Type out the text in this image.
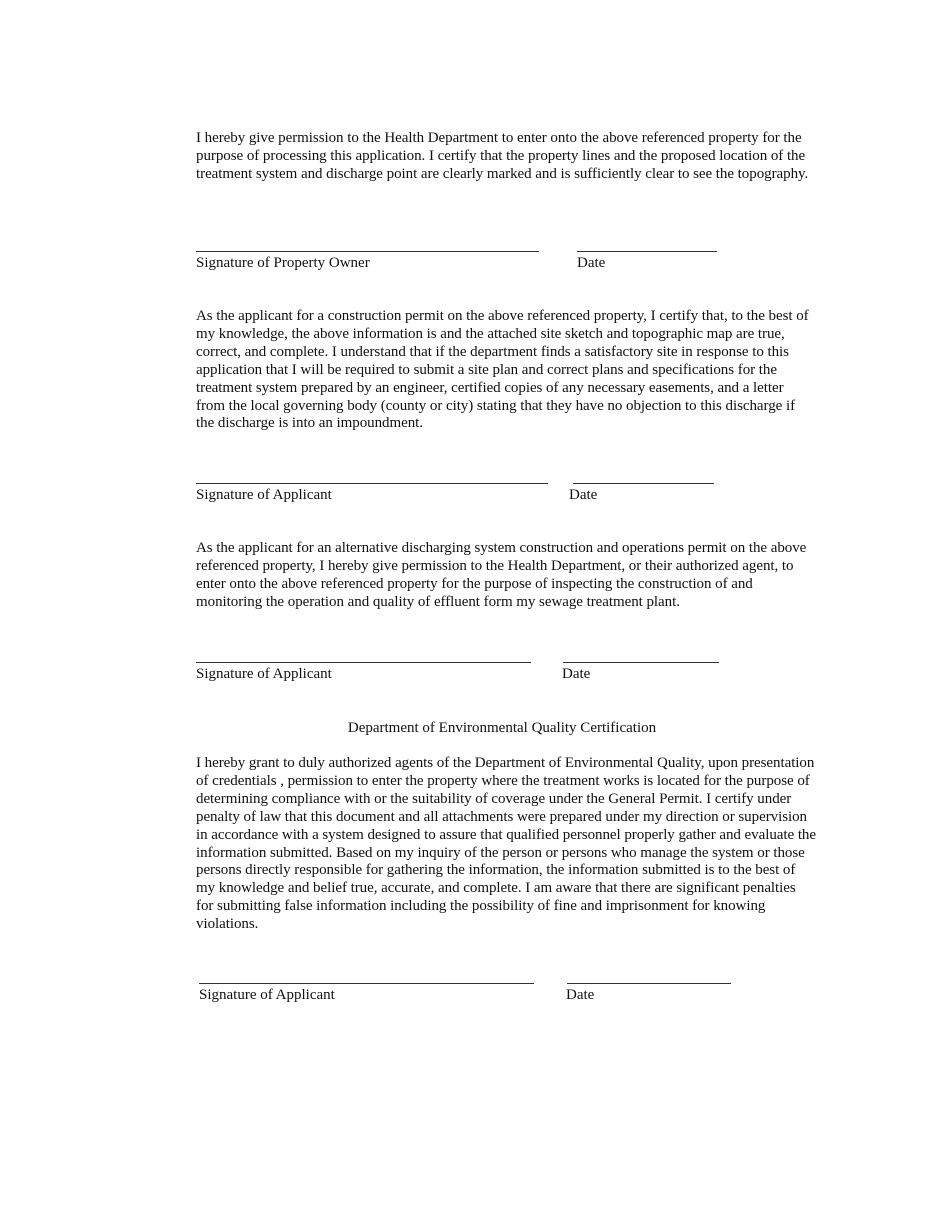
I hereby give permission to the Health Department to enter onto the above referenced property for the purpose of processing this application. I certify that the property lines and the proposed location of the treatment system and discharge point are clearly marked and is sufficiently clear to see the topography.

Signature of Property Owner	Date

As the applicant for a construction permit on the above referenced property, I certify that, to the best of my knowledge, the above information is and the attached site sketch and topographic map are true, correct, and complete. I understand that if the department finds a satisfactory site in response to this application that I will be required to submit a site plan and correct plans and specifications for the treatment system prepared by an engineer, certified copies of any necessary easements, and a letter from the local governing body (county or city) stating that they have no objection to this discharge if the discharge is into an impoundment.

Signature of Applicant	Date

As the applicant for an alternative discharging system construction and operations permit on the above referenced property, I hereby give permission to the Health Department, or their authorized agent, to enter onto the above referenced property for the purpose of inspecting the construction of and monitoring the operation and quality of effluent form my sewage treatment plant.

Signature of Applicant	Date
Department of Environmental Quality Certification

I hereby grant to duly authorized agents of the Department of Environmental Quality, upon presentation of credentials , permission to enter the property where the treatment works is located for the purpose of determining compliance with or the suitability of coverage under the General Permit. I certify under penalty of law that this document and all attachments were prepared under my direction or supervision in accordance with a system designed to assure that qualified personnel properly gather and evaluate the information submitted. Based on my inquiry of the person or persons who manage the system or those persons directly responsible for gathering the information, the information submitted is to the best of my knowledge and belief true, accurate, and complete. I am aware that there are significant penalties for submitting false information including the possibility of fine and imprisonment for knowing violations.

Signature of Applicant	Date
